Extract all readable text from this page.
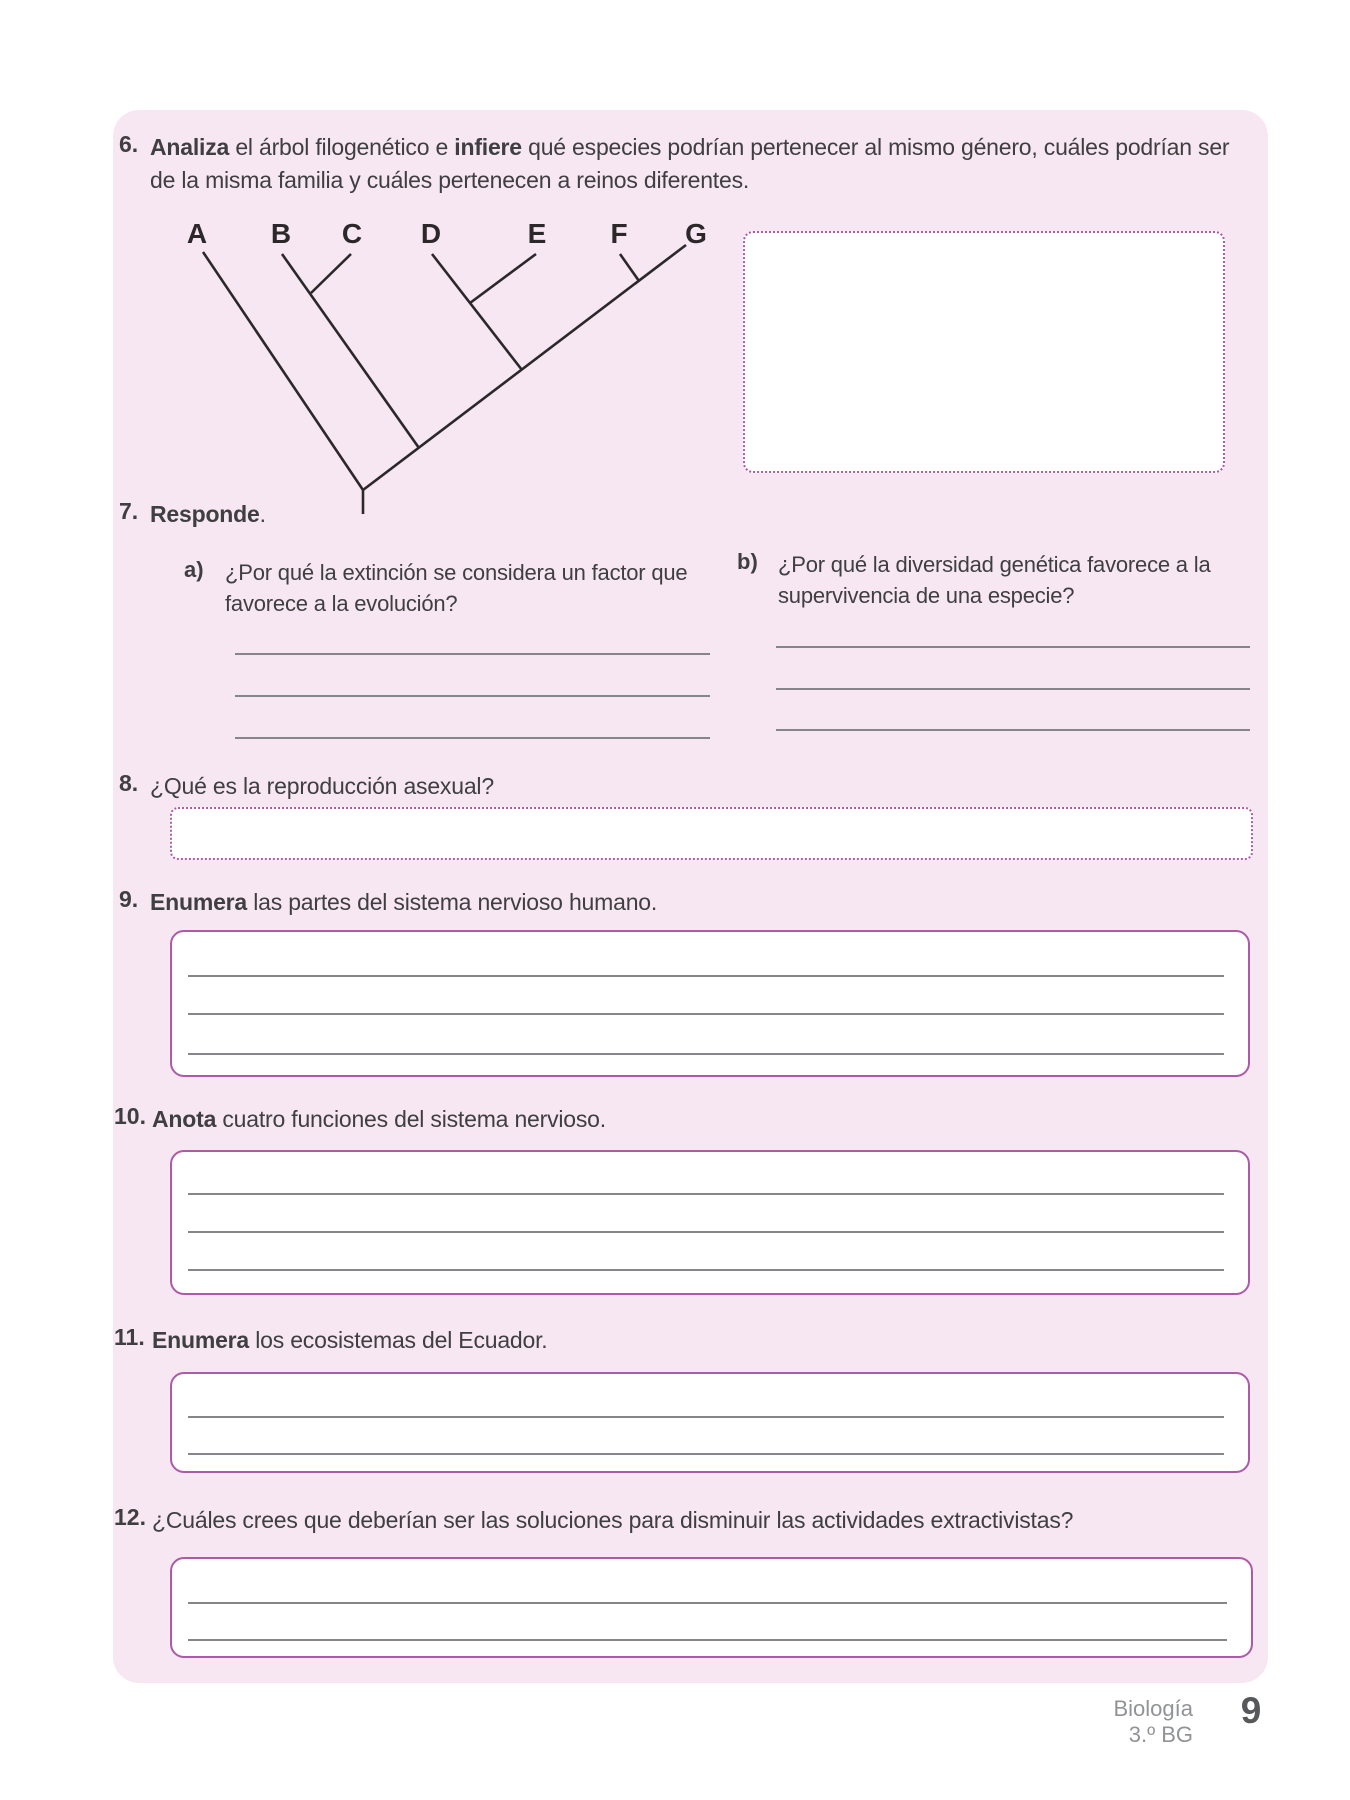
6. Analiza el árbol filogenético e infiere qué especies podrían pertenecer al mismo género, cuáles podrían ser de la misma familia y cuáles pertenecen a reinos diferentes.
A B C D	E F G
7. Responde.
a) ¿Por qué la extinción se considera un factor que favorece a la evolución?
b) ¿Por qué la diversidad genética favorece a la supervivencia de una especie?
8. ¿Qué es la reproducción asexual?
9. Enumera las partes del sistema nervioso humano.
10. Anota cuatro funciones del sistema nervioso.
11. Enumera los ecosistemas del Ecuador.
12. ¿Cuáles crees que deberían ser las soluciones para disminuir las actividades extractivistas?
Biología
3.º BG
9
